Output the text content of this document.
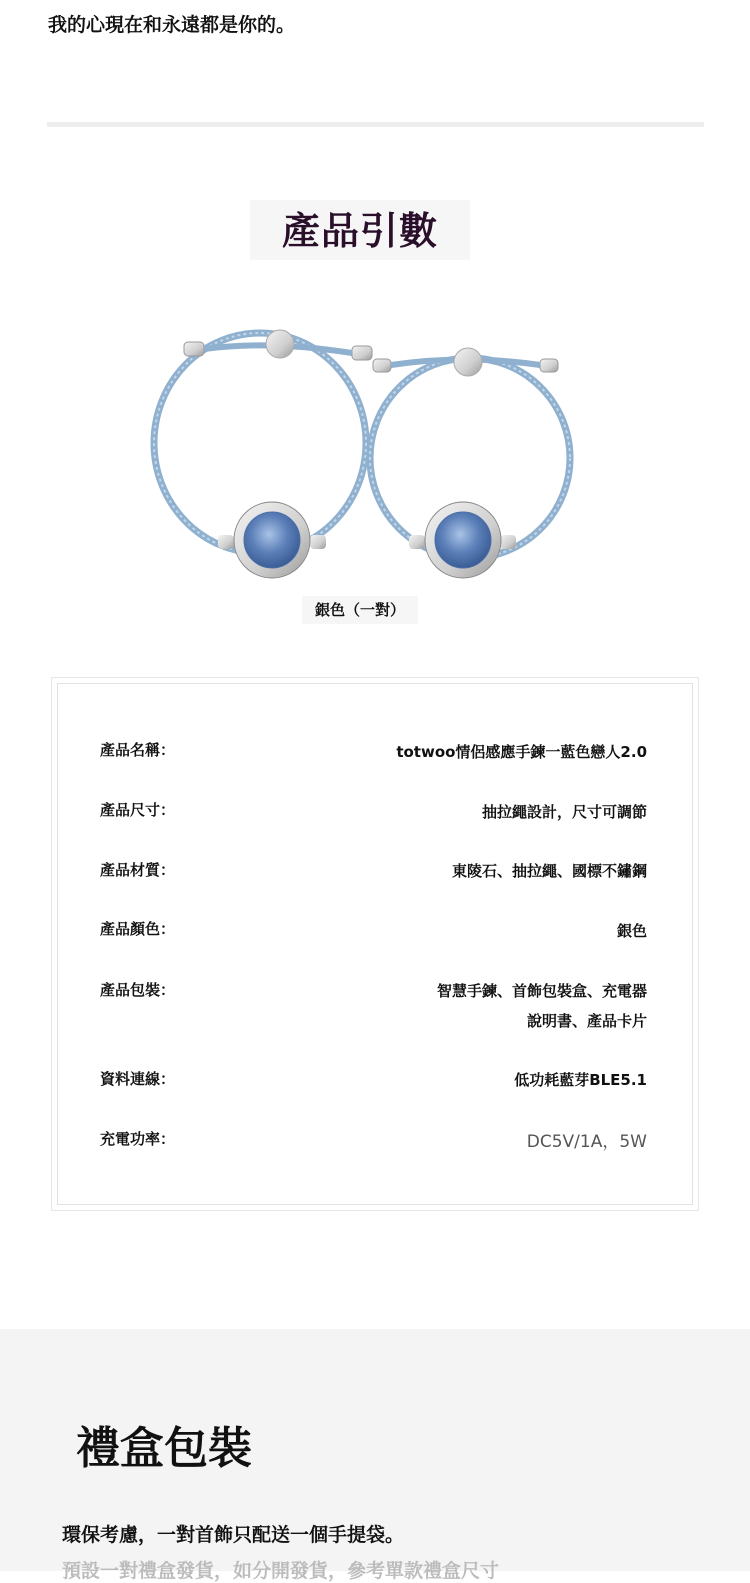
我的心現在和永遠都是你的。
產品引數
銀色（一對）
產品名稱：	totwoo情侶感應手鍊一藍色戀人2.0
產品尺寸：	抽拉繩設計，尺寸可調節
產品材質：	東陵石、抽拉繩、國標不鏽鋼
產品顏色：	銀色
產品包裝：	智慧手鍊、首飾包裝盒、充電器
說明書、產品卡片
資料連線：	低功耗藍芽BLE5.1
充電功率：	DC5V/1A，5W
禮盒包裝
環保考慮，一對首飾只配送一個手提袋。
預設一對禮盒發貨，如分開發貨，參考單款禮盒尺寸
